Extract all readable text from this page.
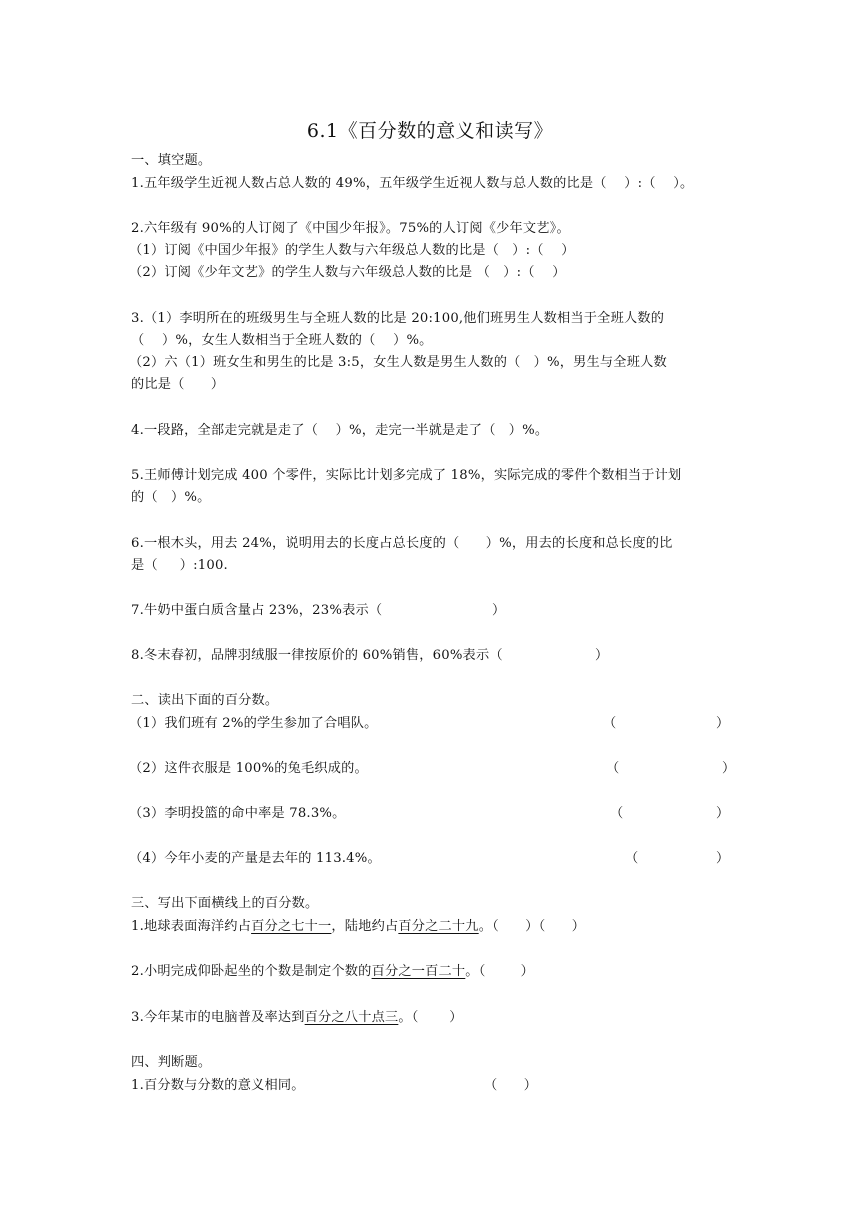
6.1《百分数的意义和读写》
一、填空题。
1.五年级学生近视人数占总人数的 49%，五年级学生近视人数与总人数的比是（    ）:（    ）。
2.六年级有 90%的人订阅了《中国少年报》。75%的人订阅《少年文艺》。
（1）订阅《中国少年报》的学生人数与六年级总人数的比是（   ）:（    ）
（2）订阅《少年文艺》的学生人数与六年级总人数的比是 （   ）:（    ）
3.（1）李明所在的班级男生与全班人数的比是 20:100,他们班男生人数相当于全班人数的
（    ）%，女生人数相当于全班人数的（    ）%。
（2）六（1）班女生和男生的比是 3:5，女生人数是男生人数的（   ）%，男生与全班人数
的比是（      ）
4.一段路，全部走完就是走了（    ）%，走完一半就是走了（   ）%。
5.王师傅计划完成 400 个零件，实际比计划多完成了 18%，实际完成的零件个数相当于计划
的（   ）%。
6.一根木头，用去 24%，说明用去的长度占总长度的（      ）%，用去的长度和总长度的比
是（     ）:100.
7.牛奶中蛋白质含量占 23%，23%表示（                         ）
8.冬末春初，品牌羽绒服一律按原价的 60%销售，60%表示（                     ）
二、读出下面的百分数。
（1）我们班有 2%的学生参加了合唱队。	（	）
（2）这件衣服是 100%的兔毛织成的。	（	）
（3）李明投篮的命中率是 78.3%。	（	）
（4）今年小麦的产量是去年的 113.4%。	（	）
三、写出下面横线上的百分数。
1.地球表面海洋约占百分之七十一，陆地约占百分之二十九。（      ）（      ）
2.小明完成仰卧起坐的个数是制定个数的百分之一百二十。（        ）
3.今年某市的电脑普及率达到百分之八十点三。（       ）
四、判断题。
1.百分数与分数的意义相同。	（      ）
